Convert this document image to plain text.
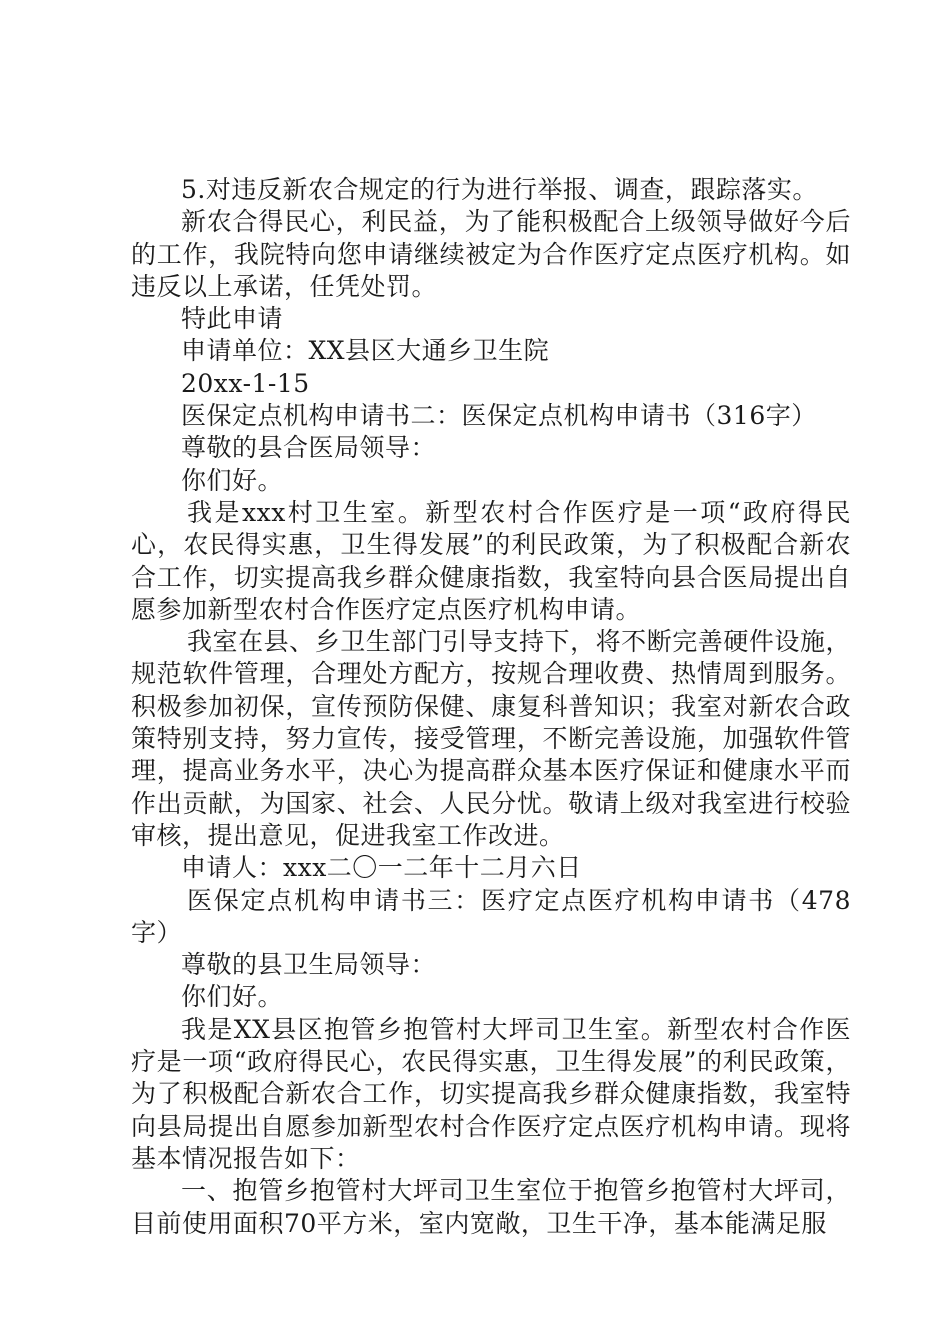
5.对违反新农合规定的行为进行举报、调查，跟踪落实。

新农合得民心，利民益，为了能积极配合上级领导做好今后的工作，我院特向您申请继续被定为合作医疗定点医疗机构。如违反以上承诺，任凭处罚。

特此申请

申请单位：XX县区大通乡卫生院

20xx-1-15

医保定点机构申请书二：医保定点机构申请书（316字）

尊敬的县合医局领导：

你们好。

我是xxx村卫生室。新型农村合作医疗是一项“政府得民心，农民得实惠，卫生得发展”的利民政策，为了积极配合新农合工作，切实提高我乡群众健康指数，我室特向县合医局提出自愿参加新型农村合作医疗定点医疗机构申请。

我室在县、乡卫生部门引导支持下，将不断完善硬件设施，规范软件管理，合理处方配方，按规合理收费、热情周到服务。积极参加初保，宣传预防保健、康复科普知识；我室对新农合政策特别支持，努力宣传，接受管理，不断完善设施，加强软件管理，提高业务水平，决心为提高群众基本医疗保证和健康水平而作出贡献，为国家、社会、人民分忧。敬请上级对我室进行校验审核，提出意见，促进我室工作改进。

申请人：xxx二〇一二年十二月六日

医保定点机构申请书三：医疗定点医疗机构申请书（478字）

尊敬的县卫生局领导：

你们好。

我是XX县区抱管乡抱管村大坪司卫生室。新型农村合作医疗是一项“政府得民心，农民得实惠，卫生得发展”的利民政策，为了积极配合新农合工作，切实提高我乡群众健康指数，我室特向县局提出自愿参加新型农村合作医疗定点医疗机构申请。现将基本情况报告如下：

一、抱管乡抱管村大坪司卫生室位于抱管乡抱管村大坪司，目前使用面积70平方米，室内宽敞，卫生干净，基本能满足服
